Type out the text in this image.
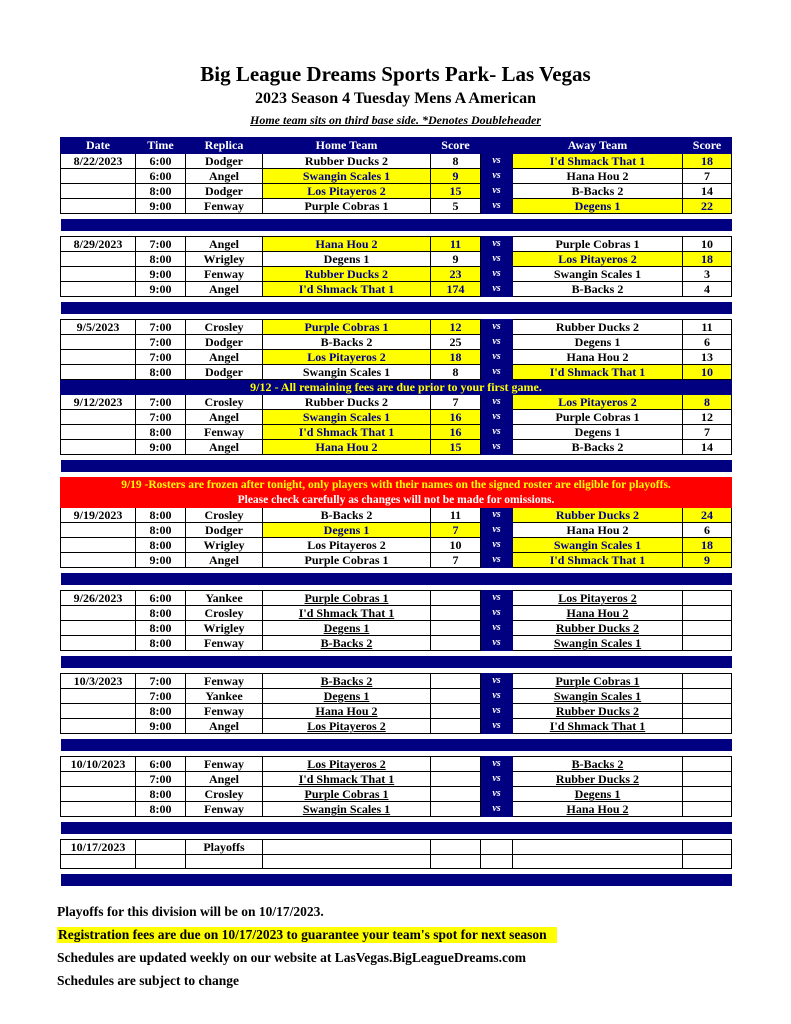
Big League Dreams Sports Park- Las Vegas
2023 Season 4 Tuesday Mens A American
Home team sits on third base side. *Denotes Doubleheader
Date	Time	Replica	Home Team	Score		Away Team	Score
8/22/2023	6:00	Dodger	Rubber Ducks 2	8	vs	I'd Shmack That 1	18
	6:00	Angel	Swangin Scales 1	9	vs	Hana Hou 2	7
	8:00	Dodger	Los Pitayeros 2	15	vs	B-Backs 2	14
	9:00	Fenway	Purple Cobras 1	5	vs	Degens 1	22

8/29/2023	7:00	Angel	Hana Hou 2	11	vs	Purple Cobras 1	10
	8:00	Wrigley	Degens 1	9	vs	Los Pitayeros 2	18
	9:00	Fenway	Rubber Ducks 2	23	vs	Swangin Scales 1	3
	9:00	Angel	I'd Shmack That 1	174	vs	B-Backs 2	4

9/5/2023	7:00	Crosley	Purple Cobras 1	12	vs	Rubber Ducks 2	11
	7:00	Dodger	B-Backs 2	25	vs	Degens 1	6
	7:00	Angel	Los Pitayeros 2	18	vs	Hana Hou 2	13
	8:00	Dodger	Swangin Scales 1	8	vs	I'd Shmack That 1	10
9/12 - All remaining fees are due prior to your first game.							
9/12/2023	7:00	Crosley	Rubber Ducks 2	7	vs	Los Pitayeros 2	8
	7:00	Angel	Swangin Scales 1	16	vs	Purple Cobras 1	12
	8:00	Fenway	I'd Shmack That 1	16	vs	Degens 1	7
	9:00	Angel	Hana Hou 2	15	vs	B-Backs 2	14

9/19 -Rosters are frozen after tonight, only players with their names on the signed roster are eligible for playoffs.							
Please check carefully as changes will not be made for omissions.							
9/19/2023	8:00	Crosley	B-Backs 2	11	vs	Rubber Ducks 2	24
	8:00	Dodger	Degens 1	7	vs	Hana Hou 2	6
	8:00	Wrigley	Los Pitayeros 2	10	vs	Swangin Scales 1	18
	9:00	Angel	Purple Cobras 1	7	vs	I'd Shmack That 1	9

9/26/2023	6:00	Yankee	Purple Cobras 1		vs	Los Pitayeros 2	
	8:00	Crosley	I'd Shmack That 1		vs	Hana Hou 2	
	8:00	Wrigley	Degens 1		vs	Rubber Ducks 2	
	8:00	Fenway	B-Backs 2		vs	Swangin Scales 1	

10/3/2023	7:00	Fenway	B-Backs 2		vs	Purple Cobras 1	
	7:00	Yankee	Degens 1		vs	Swangin Scales 1	
	8:00	Fenway	Hana Hou 2		vs	Rubber Ducks 2	
	9:00	Angel	Los Pitayeros 2		vs	I'd Shmack That 1	

10/10/2023	6:00	Fenway	Los Pitayeros 2		vs	B-Backs 2	
	7:00	Angel	I'd Shmack That 1		vs	Rubber Ducks 2	
	8:00	Crosley	Purple Cobras 1		vs	Degens 1	
	8:00	Fenway	Swangin Scales 1		vs	Hana Hou 2	

10/17/2023		Playoffs					

Playoffs for this division will be on 10/17/2023.
Registration fees are due on 10/17/2023 to guarantee your team's spot for next season
Schedules are updated weekly on our website at LasVegas.BigLeagueDreams.com
Schedules are subject to change
